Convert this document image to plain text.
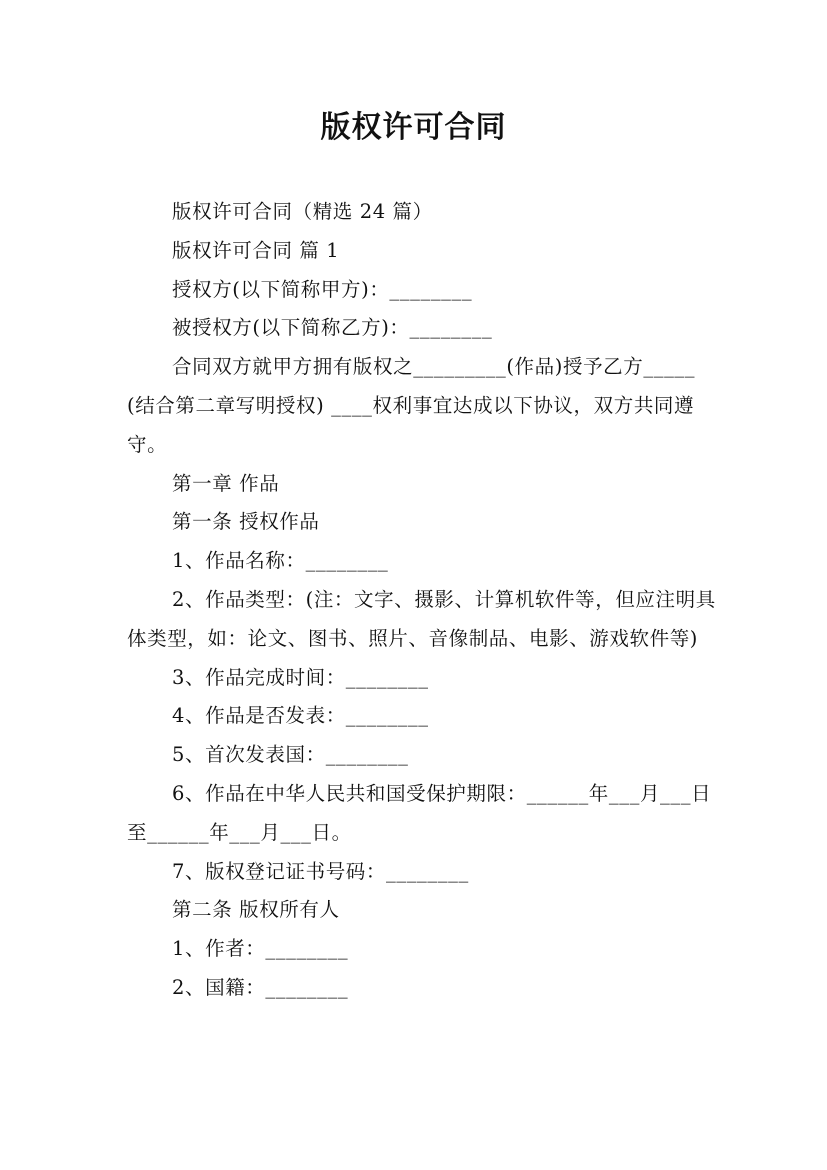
版权许可合同

版权许可合同（精选 24 篇）

版权许可合同 篇 1

授权方(以下简称甲方)：________

被授权方(以下简称乙方)：________

合同双方就甲方拥有版权之_________(作品)授予乙方_____(结合第二章写明授权) ____权利事宜达成以下协议，双方共同遵守。

第一章 作品

第一条 授权作品

1、作品名称：________

2、作品类型：(注：文字、摄影、计算机软件等，但应注明具体类型，如：论文、图书、照片、音像制品、电影、游戏软件等)

3、作品完成时间：________

4、作品是否发表：________

5、首次发表国：________

6、作品在中华人民共和国受保护期限：______年___月___日至______年___月___日。

7、版权登记证书号码：________

第二条 版权所有人

1、作者：________

2、国籍：________
